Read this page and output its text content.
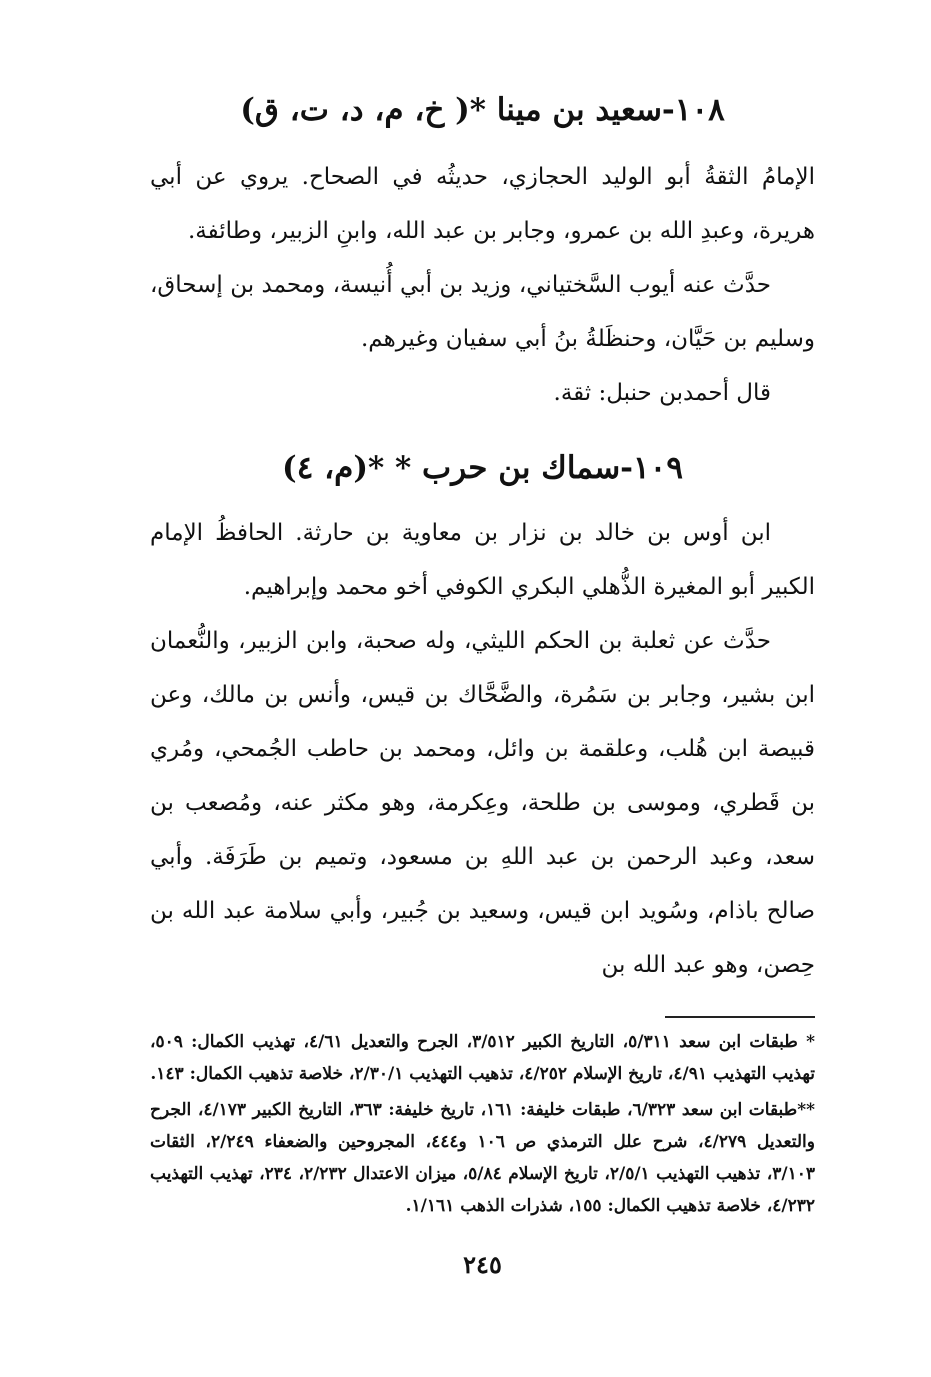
١٠٨-سعيد بن مينا *( خ، م، د، ت، ق)

الإمامُ الثقةُ أبو الوليد الحجازي، حديثُه في الصحاح. يروي عن أبي هريرة، وعبدِ الله بن عمرو، وجابر بن عبد الله، وابنِ الزبير، وطائفة.

حدَّث عنه أيوب السَّختياني، وزيد بن أبي أُنيسة، ومحمد بن إسحاق، وسليم بن حَيَّان، وحنظَلةُ بنُ أبي سفيان وغيرهم.

قال أحمدبن حنبل: ثقة.

١٠٩-سماك بن حرب * *(م، ٤)

ابن أوس بن خالد بن نزار بن معاوية بن حارثة. الحافظُ الإمام الكبير أبو المغيرة الذُّهلي البكري الكوفي أخو محمد وإبراهيم.

حدَّث عن ثعلبة بن الحكم الليثي، وله صحبة، وابن الزبير، والنُّعمان ابن بشير، وجابر بن سَمُرة، والضَّحَّاك بن قيس، وأنس بن مالك، وعن قبيصة ابن هُلب، وعلقمة بن وائل، ومحمد بن حاطب الجُمحي، ومُري بن قَطري، وموسى بن طلحة، وعِكرمة، وهو مكثر عنه، ومُصعب بن سعد، وعبد الرحمن بن عبد اللهِ بن مسعود، وتميم بن طَرَفَة. وأبي صالح باذام، وسُويد ابن قيس، وسعيد بن جُبير، وأبي سلامة عبد الله بن حِصن، وهو عبد الله بن

* طبقات ابن سعد ٥/٣١١، التاريخ الكبير ٣/٥١٢، الجرح والتعديل ٤/٦١، تهذيب الكمال: ٥٠٩، تهذيب التهذيب ٤/٩١، تاريخ الإسلام ٤/٢٥٢، تذهيب التهذيب ٢/٣٠/١، خلاصة تذهيب الكمال: ١٤٣.

**طبقات ابن سعد ٦/٣٢٣، طبقات خليفة: ١٦١، تاريخ خليفة: ٣٦٣، التاريخ الكبير ٤/١٧٣، الجرح والتعديل ٤/٢٧٩، شرح علل الترمذي ص ١٠٦ و٤٤٤، المجروحين والضعفاء ٢/٢٤٩، الثقات ٣/١٠٣، تذهيب التهذيب ٢/٥/١، تاريخ الإسلام ٥/٨٤، ميزان الاعتدال ٢/٢٣٢، ٢٣٤، تهذيب التهذيب ٤/٢٣٢، خلاصة تذهيب الكمال: ١٥٥، شذرات الذهب ١/١٦١.

٢٤٥
